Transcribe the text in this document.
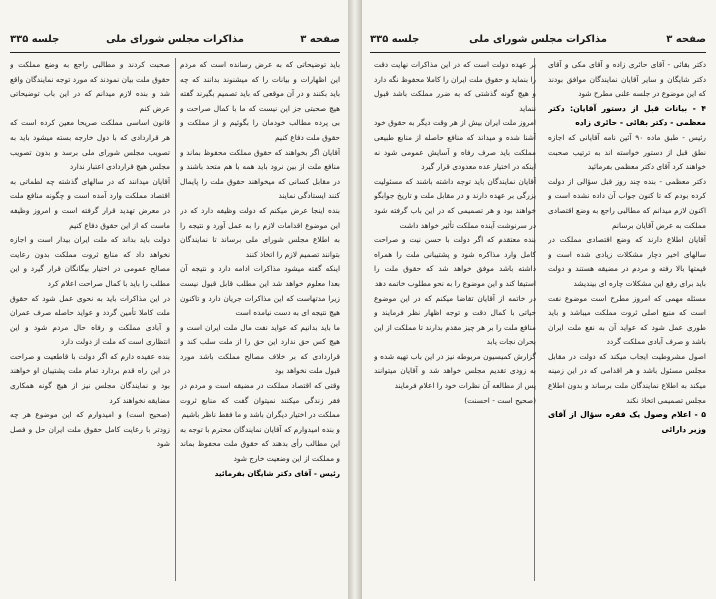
صفحه ۳
مذاکرات مجلس شورای ملی
جلسه ۳۳۵

باید توضیحاتی که به عرض رسانده است که مردم این اظهارات و بیانات را که میشنوند بدانند که چه باید بکنند و در آن موقعی که باید تصمیم بگیرند گفته هیچ صحبتی جز این نیست که ما با کمال صراحت و بی پرده مطالب خودمان را بگوئیم و از مملکت و حقوق ملت دفاع کنیم

آقایان اگر بخواهند که حقوق مملکت محفوظ بماند و منافع ملت از بین نرود باید همه با هم متحد باشند و در مقابل کسانی که میخواهند حقوق ملت را پایمال کنند ایستادگی نمایند

بنده اینجا عرض میکنم که دولت وظیفه دارد که در این موضوع اقدامات لازم را به عمل آورد و نتیجه را به اطلاع مجلس شورای ملی برساند تا نمایندگان بتوانند تصمیم لازم را اتخاذ کنند

اینکه گفته میشود مذاکرات ادامه دارد و نتیجه آن بعدا معلوم خواهد شد این مطلب قابل قبول نیست زیرا مدتهاست که این مذاکرات جریان دارد و تاکنون هیچ نتیجه ای به دست نیامده است

ما باید بدانیم که عواید نفت مال ملت ایران است و هیچ کس حق ندارد این حق را از ملت سلب کند و قراردادی که بر خلاف مصالح مملکت باشد مورد قبول ملت نخواهد بود

وقتی که اقتصاد مملکت در مضیقه است و مردم در فقر زندگی میکنند نمیتوان گفت که منابع ثروت مملکت در اختیار دیگران باشد و ما فقط ناظر باشیم

و بنده امیدوارم که آقایان نمایندگان محترم با توجه به این مطالب رأی بدهند که حقوق ملت محفوظ بماند و مملکت از این وضعیت خارج شود

رئیس - آقای دکتر شایگان بفرمائید

صحبت کردند و مطالبی راجع به وضع مملکت و حقوق ملت بیان نمودند که مورد توجه نمایندگان واقع شد و بنده لازم میدانم که در این باب توضیحاتی عرض کنم

قانون اساسی مملکت صریحا معین کرده است که هر قراردادی که با دول خارجه بسته میشود باید به تصویب مجلس شورای ملی برسد و بدون تصویب مجلس هیچ قراردادی اعتبار ندارد

آقایان میدانند که در سالهای گذشته چه لطماتی به اقتصاد مملکت وارد آمده است و چگونه منافع ملت در معرض تهدید قرار گرفته است و امروز وظیفه ماست که از این حقوق دفاع کنیم

دولت باید بداند که ملت ایران بیدار است و اجازه نخواهد داد که منابع ثروت مملکت بدون رعایت مصالح عمومی در اختیار بیگانگان قرار گیرد و این مطلب را باید با کمال صراحت اعلام کرد

در این مذاکرات باید به نحوی عمل شود که حقوق ملت کاملا تأمین گردد و عواید حاصله صرف عمران و آبادی مملکت و رفاه حال مردم شود و این انتظاری است که ملت از دولت دارد

بنده عقیده دارم که اگر دولت با قاطعیت و صراحت در این راه قدم بردارد تمام ملت پشتیبان او خواهند بود و نمایندگان مجلس نیز از هیچ گونه همکاری مضایقه نخواهند کرد

(صحیح است) و امیدوارم که این موضوع هر چه زودتر با رعایت کامل حقوق ملت ایران حل و فصل شود

صفحه ۳
مذاکرات مجلس شورای ملی
جلسه ۳۳۵

دکتر بقائی - آقای حائری زاده و آقای مکی و آقای دکتر شایگان و سایر آقایان نمایندگان موافق بودند که این موضوع در جلسه علنی مطرح شود

۴ - بیانات قبل از دستور آقایان: دکتر معظمی - دکتر بقائی - حائری زاده

رئیس - طبق ماده ۹۰ آئین نامه آقایانی که اجازه نطق قبل از دستور خواسته اند به ترتیب صحبت خواهند کرد آقای دکتر معظمی بفرمائید

دکتر معظمی - بنده چند روز قبل سؤالی از دولت کرده بودم که تا کنون جواب آن داده نشده است و اکنون لازم میدانم که مطالبی راجع به وضع اقتصادی مملکت به عرض آقایان برسانم

آقایان اطلاع دارند که وضع اقتصادی مملکت در سالهای اخیر دچار مشکلات زیادی شده است و قیمتها بالا رفته و مردم در مضیقه هستند و دولت باید برای رفع این مشکلات چاره ای بیندیشد

مسئله مهمی که امروز مطرح است موضوع نفت است که منبع اصلی ثروت مملکت میباشد و باید طوری عمل شود که عواید آن به نفع ملت ایران باشد و صرف آبادی مملکت گردد

اصول مشروطیت ایجاب میکند که دولت در مقابل مجلس مسئول باشد و هر اقدامی که در این زمینه میکند به اطلاع نمایندگان ملت برساند و بدون اطلاع مجلس تصمیمی اتخاذ نکند

۵ - اعلام وصول یک فقره سؤال از آقای وزیر دارائی

بر عهده دولت است که در این مذاکرات نهایت دقت را بنماید و حقوق ملت ایران را کاملا محفوظ نگه دارد و هیچ گونه گذشتی که به ضرر مملکت باشد قبول ننماید

امروز ملت ایران بیش از هر وقت دیگر به حقوق خود آشنا شده و میداند که منافع حاصله از منابع طبیعی مملکت باید صرف رفاه و آسایش عمومی شود نه اینکه در اختیار عده معدودی قرار گیرد

آقایان نمایندگان باید توجه داشته باشند که مسئولیت بزرگی بر عهده دارند و در مقابل ملت و تاریخ جوابگو خواهند بود و هر تصمیمی که در این باب گرفته شود در سرنوشت آینده مملکت تأثیر خواهد داشت

بنده معتقدم که اگر دولت با حسن نیت و صراحت کامل وارد مذاکره شود و پشتیبانی ملت را همراه داشته باشد موفق خواهد شد که حقوق ملت را استیفا کند و این موضوع را به نحو مطلوب خاتمه دهد

در خاتمه از آقایان تقاضا میکنم که در این موضوع حیاتی با کمال دقت و توجه اظهار نظر فرمایند و منافع ملت را بر هر چیز مقدم بدارند تا مملکت از این بحران نجات یابد

گزارش کمیسیون مربوطه نیز در این باب تهیه شده و به زودی تقدیم مجلس خواهد شد و آقایان میتوانند پس از مطالعه آن نظرات خود را اعلام فرمایند

(صحیح است - احسنت)
